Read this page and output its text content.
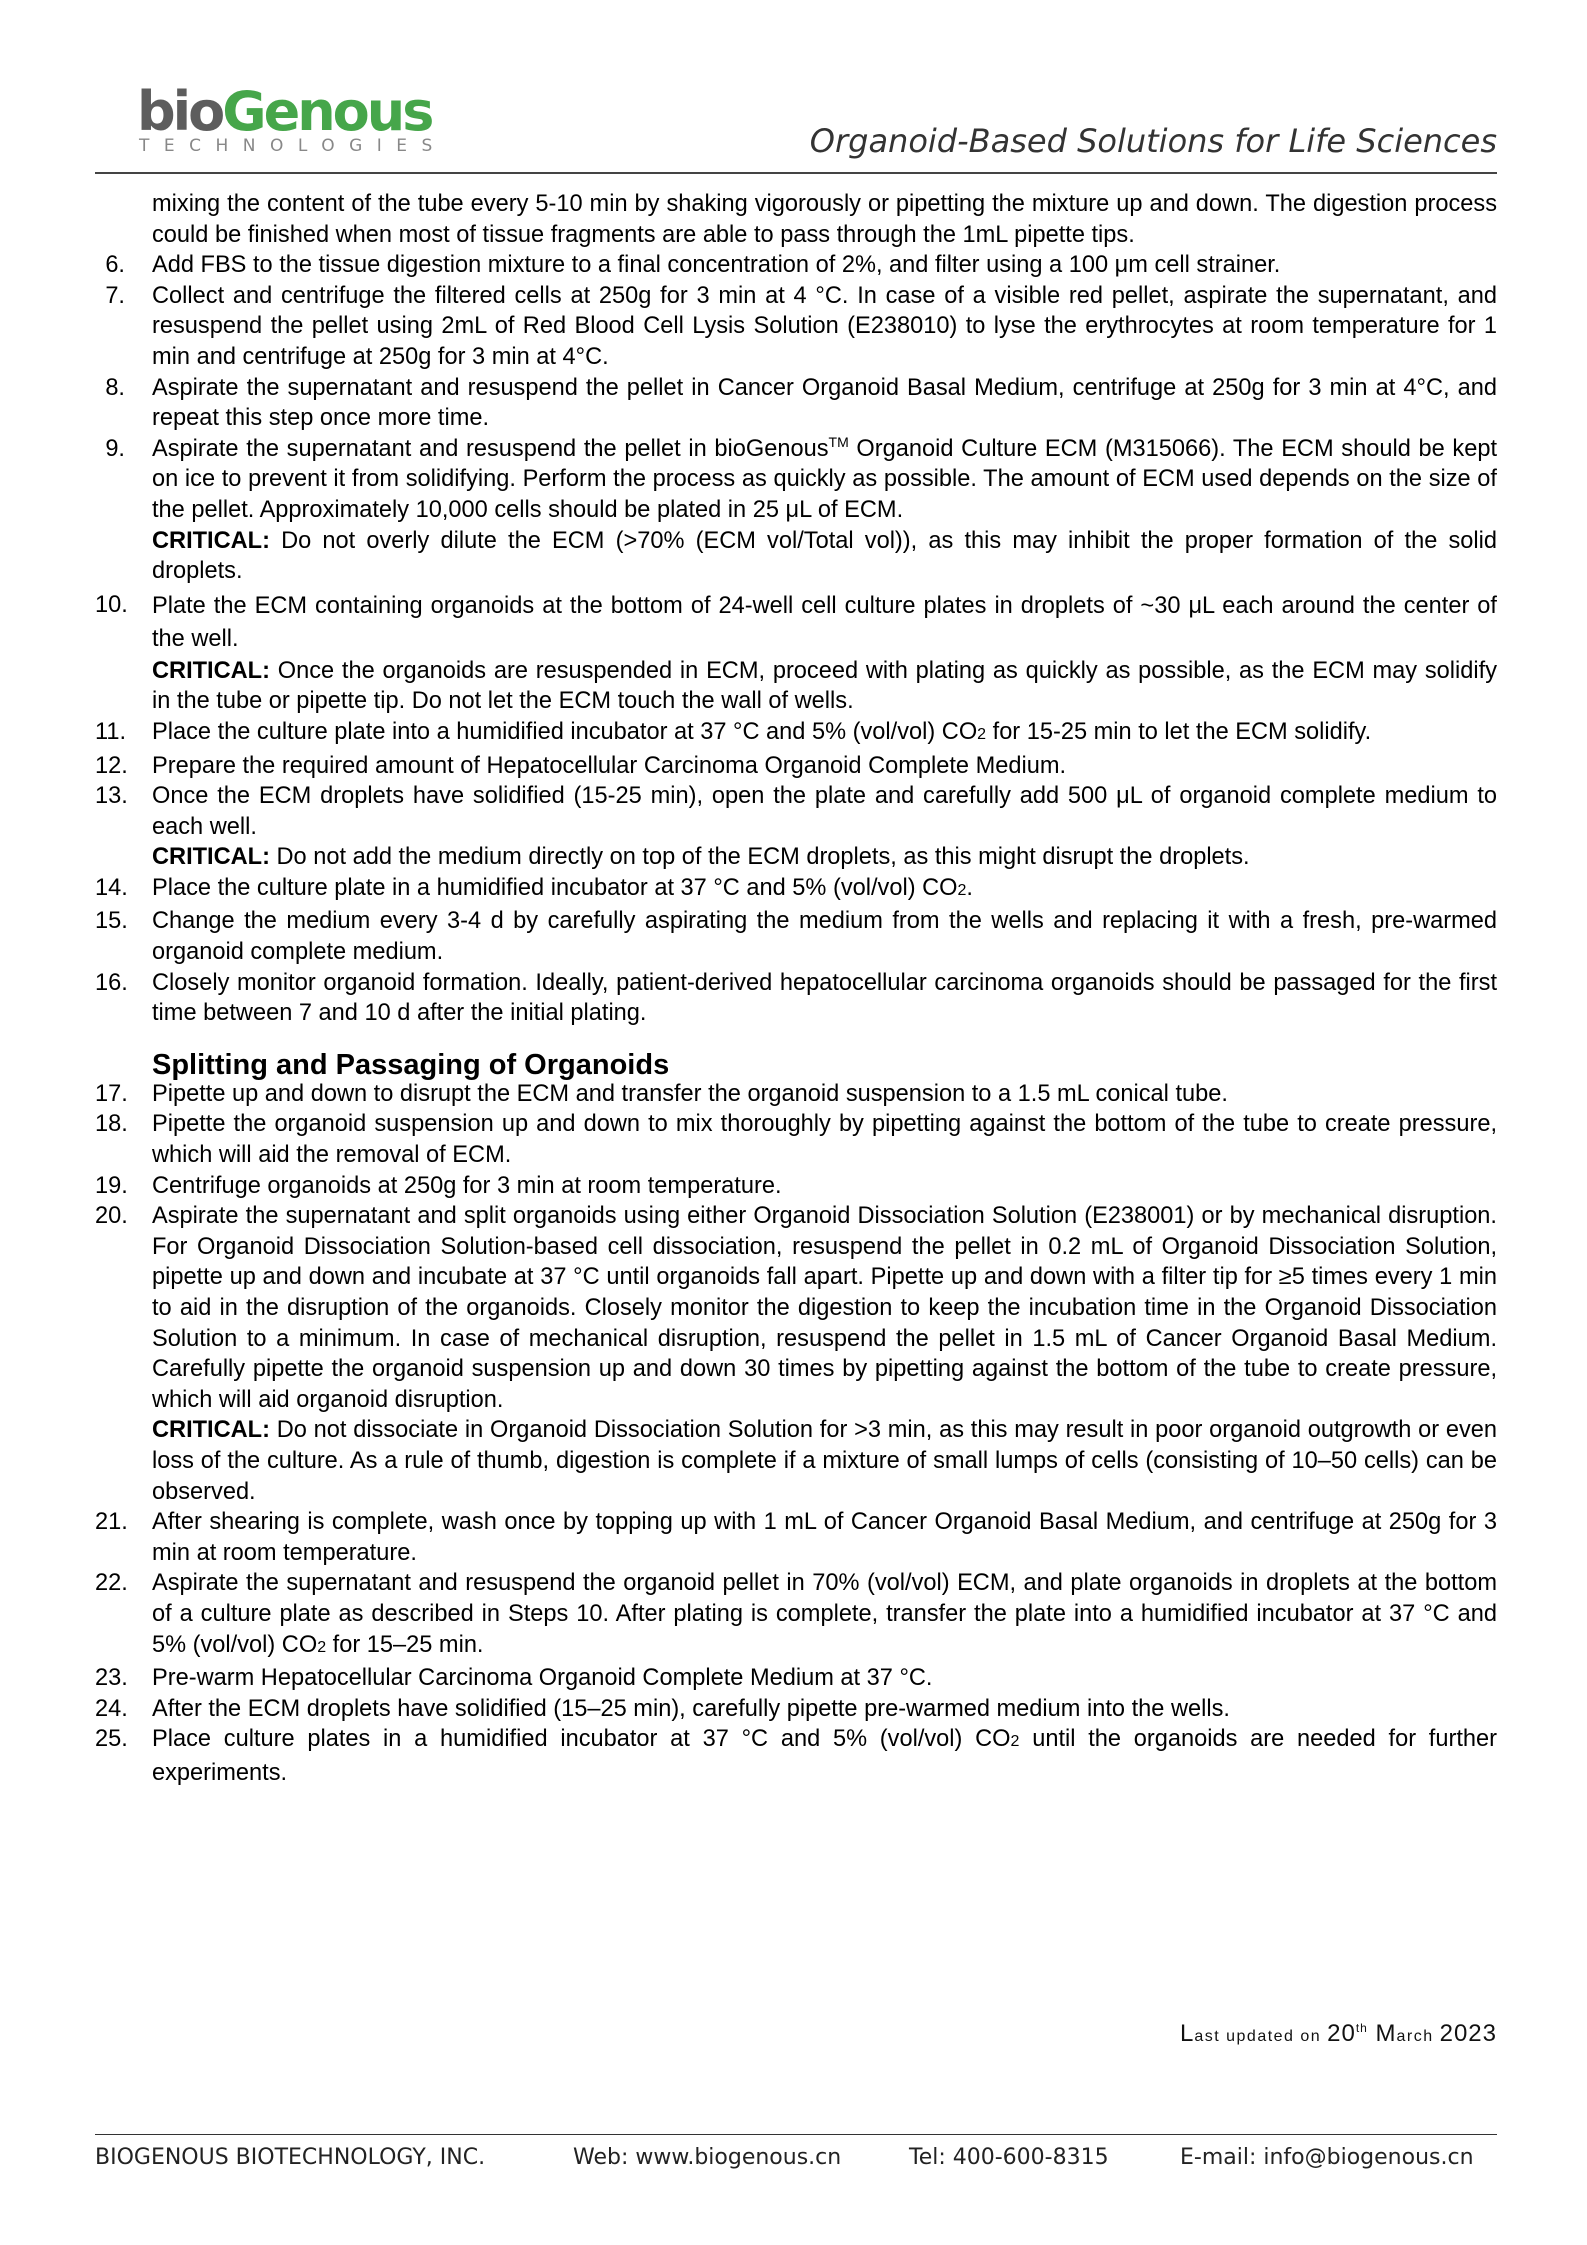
bioGenous
TECHNOLOGIES	Organoid-Based Solutions for Life Sciences
mixing the content of the tube every 5-10 min by shaking vigorously or pipetting the mixture up and down. The digestion process could be finished when most of tissue fragments are able to pass through the 1mL pipette tips.
6. Add FBS to the tissue digestion mixture to a final concentration of 2%, and filter using a 100 μm cell strainer.
7. Collect and centrifuge the filtered cells at 250g for 3 min at 4 °C. In case of a visible red pellet, aspirate the supernatant, and resuspend the pellet using 2mL of Red Blood Cell Lysis Solution (E238010) to lyse the erythrocytes at room temperature for 1 min and centrifuge at 250g for 3 min at 4°C.
8. Aspirate the supernatant and resuspend the pellet in Cancer Organoid Basal Medium, centrifuge at 250g for 3 min at 4°C, and repeat this step once more time.
9. Aspirate the supernatant and resuspend the pellet in bioGenous™ Organoid Culture ECM (M315066). The ECM should be kept on ice to prevent it from solidifying. Perform the process as quickly as possible. The amount of ECM used depends on the size of the pellet. Approximately 10,000 cells should be plated in 25 μL of ECM.
CRITICAL: Do not overly dilute the ECM (>70% (ECM vol/Total vol)), as this may inhibit the proper formation of the solid droplets.
10. Plate the ECM containing organoids at the bottom of 24-well cell culture plates in droplets of ~30 μL each around the center of the well.
CRITICAL: Once the organoids are resuspended in ECM, proceed with plating as quickly as possible, as the ECM may solidify in the tube or pipette tip. Do not let the ECM touch the wall of wells.
11. Place the culture plate into a humidified incubator at 37 °C and 5% (vol/vol) CO2 for 15-25 min to let the ECM solidify.
12. Prepare the required amount of Hepatocellular Carcinoma Organoid Complete Medium.
13. Once the ECM droplets have solidified (15-25 min), open the plate and carefully add 500 μL of organoid complete medium to each well.
CRITICAL: Do not add the medium directly on top of the ECM droplets, as this might disrupt the droplets.
14. Place the culture plate in a humidified incubator at 37 °C and 5% (vol/vol) CO2.
15. Change the medium every 3-4 d by carefully aspirating the medium from the wells and replacing it with a fresh, pre-warmed organoid complete medium.
16. Closely monitor organoid formation. Ideally, patient-derived hepatocellular carcinoma organoids should be passaged for the first time between 7 and 10 d after the initial plating.
Splitting and Passaging of Organoids
17. Pipette up and down to disrupt the ECM and transfer the organoid suspension to a 1.5 mL conical tube.
18. Pipette the organoid suspension up and down to mix thoroughly by pipetting against the bottom of the tube to create pressure, which will aid the removal of ECM.
19. Centrifuge organoids at 250g for 3 min at room temperature.
20. Aspirate the supernatant and split organoids using either Organoid Dissociation Solution (E238001) or by mechanical disruption. For Organoid Dissociation Solution-based cell dissociation, resuspend the pellet in 0.2 mL of Organoid Dissociation Solution, pipette up and down and incubate at 37 °C until organoids fall apart. Pipette up and down with a filter tip for ≥5 times every 1 min to aid in the disruption of the organoids. Closely monitor the digestion to keep the incubation time in the Organoid Dissociation Solution to a minimum. In case of mechanical disruption, resuspend the pellet in 1.5 mL of Cancer Organoid Basal Medium. Carefully pipette the organoid suspension up and down 30 times by pipetting against the bottom of the tube to create pressure, which will aid organoid disruption.
CRITICAL: Do not dissociate in Organoid Dissociation Solution for >3 min, as this may result in poor organoid outgrowth or even loss of the culture. As a rule of thumb, digestion is complete if a mixture of small lumps of cells (consisting of 10–50 cells) can be observed.
21. After shearing is complete, wash once by topping up with 1 mL of Cancer Organoid Basal Medium, and centrifuge at 250g for 3 min at room temperature.
22. Aspirate the supernatant and resuspend the organoid pellet in 70% (vol/vol) ECM, and plate organoids in droplets at the bottom of a culture plate as described in Steps 10. After plating is complete, transfer the plate into a humidified incubator at 37 °C and 5% (vol/vol) CO2 for 15–25 min.
23. Pre-warm Hepatocellular Carcinoma Organoid Complete Medium at 37 °C.
24. After the ECM droplets have solidified (15–25 min), carefully pipette pre-warmed medium into the wells.
25. Place culture plates in a humidified incubator at 37 °C and 5% (vol/vol) CO2 until the organoids are needed for further experiments.
Last updated on 20th March 2023
BIOGENOUS BIOTECHNOLOGY, INC.	Web: www.biogenous.cn	Tel: 400-600-8315	E-mail: info@biogenous.cn
